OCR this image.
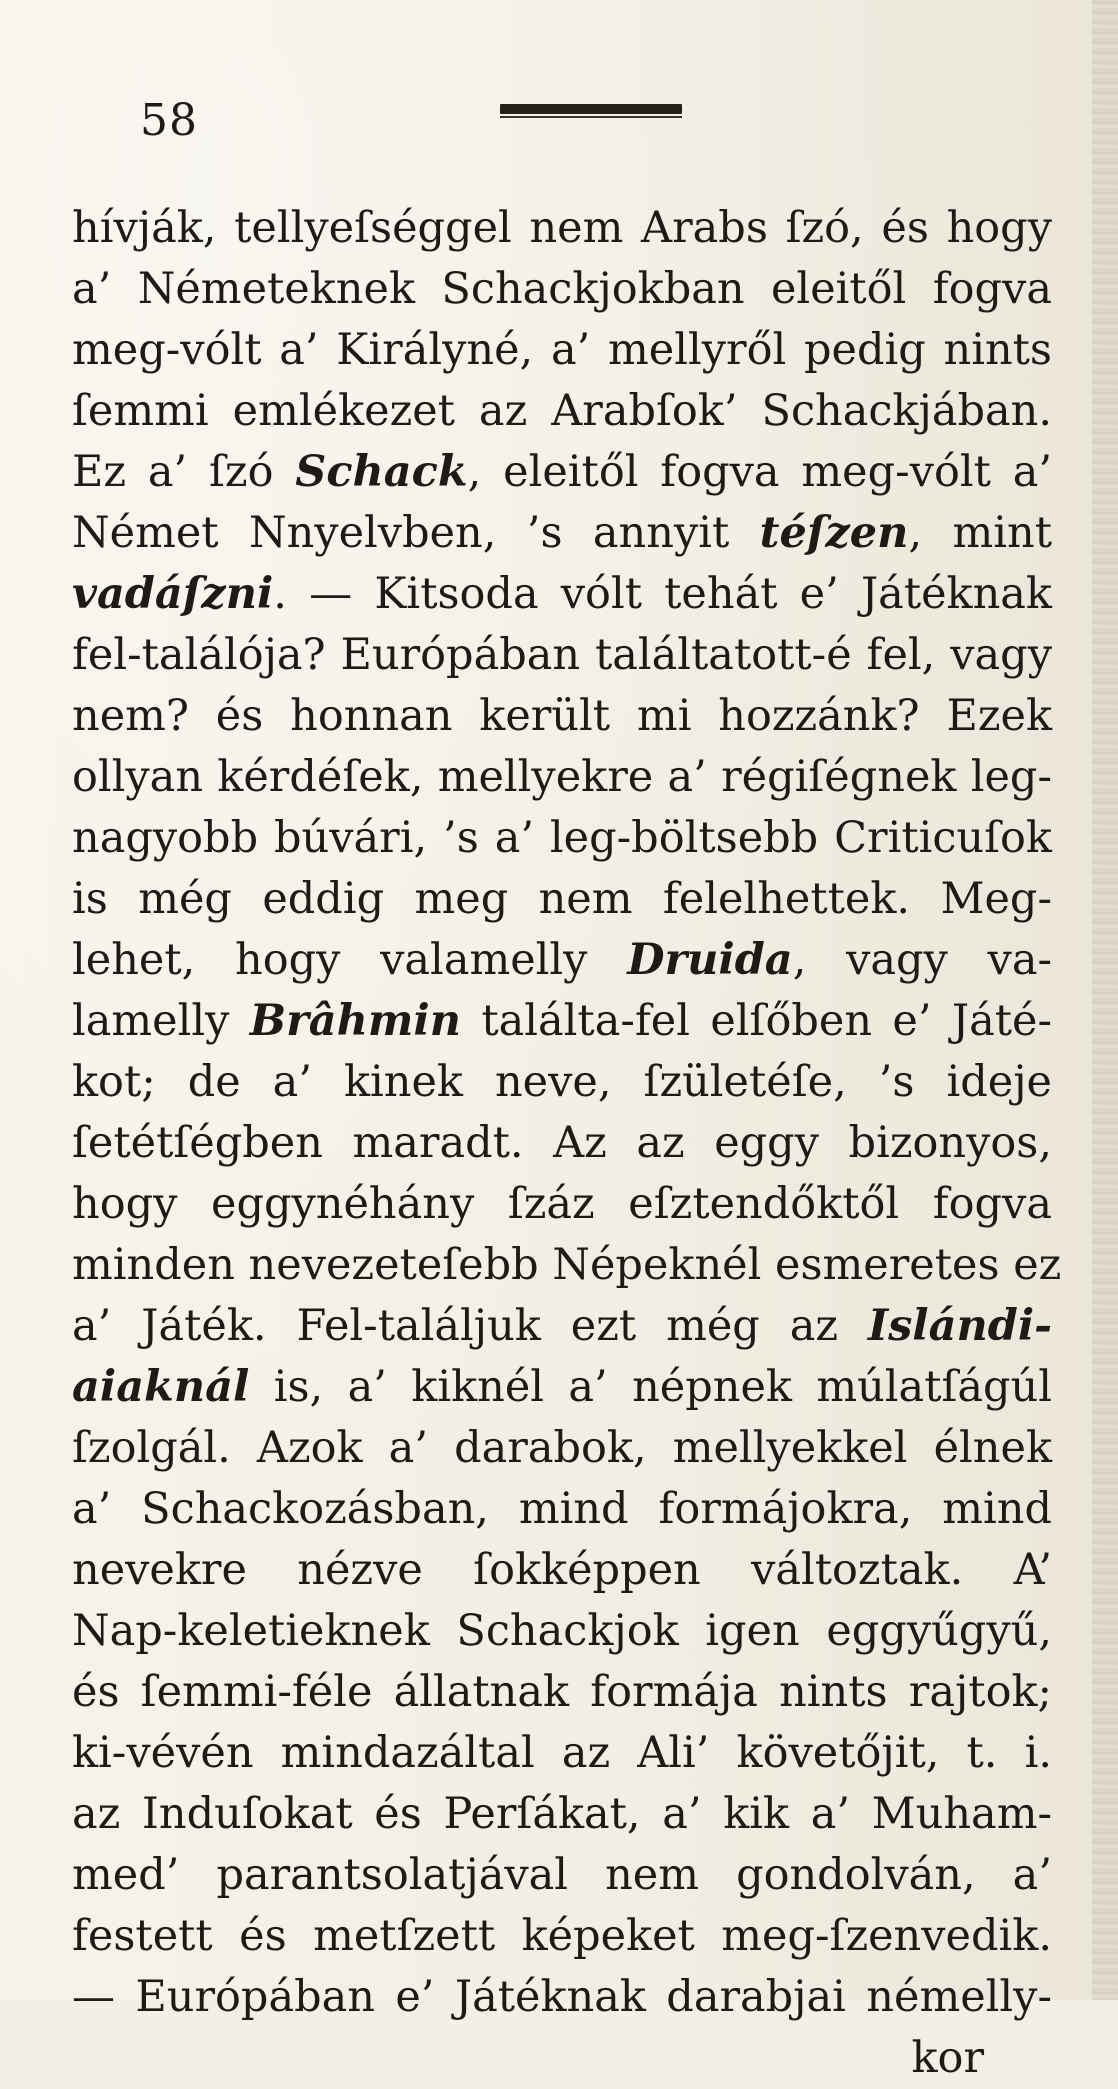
58
hívják, tellyeſséggel nem Arabs ſzó, és hogy
a’ Németeknek Schackjokban eleitől fogva
meg-vólt a’ Királyné, a’ mellyről pedig nints
ſemmi emlékezet az Arabſok’ Schackjában.
Ez a’ ſzó Schack, eleitől fogva meg-vólt a’
Német Nnyelvben, ’s annyit téſzen, mint
vadáſzni. — Kitsoda vólt tehát e’ Játéknak
fel-találója? Európában találtatott-é fel, vagy
nem? és honnan került mi hozzánk? Ezek
ollyan kérdéſek, mellyekre a’ régiſégnek leg-
nagyobb búvári, ’s a’ leg-böltsebb Criticuſok
is még eddig meg nem felelhettek. Meg-
lehet, hogy valamelly Druida, vagy va-
lamelly Brâhmin találta-fel elſőben e’ Játé-
kot; de a’ kinek neve, ſzületéſe, ’s ideje
ſetétſégben maradt. Az az eggy bizonyos,
hogy eggynéhány ſzáz eſztendőktől fogva
minden nevezeteſebb Népeknél esmeretes ez
a’ Játék. Fel-találjuk ezt még az Islándi-
aiaknál is, a’ kiknél a’ népnek múlatſágúl
ſzolgál. Azok a’ darabok, mellyekkel élnek
a’ Schackozásban, mind formájokra, mind
nevekre nézve ſokképpen változtak. A’
Nap-keletieknek Schackjok igen eggyűgyű,
és ſemmi-féle állatnak formája nints rajtok;
ki-vévén mindazáltal az Ali’ követőjit, t. i.
az Induſokat és Perſákat, a’ kik a’ Muham-
med’ parantsolatjával nem gondolván, a’
festett és metſzett képeket meg-ſzenvedik.
— Európában e’ Játéknak darabjai némelly-
kor
